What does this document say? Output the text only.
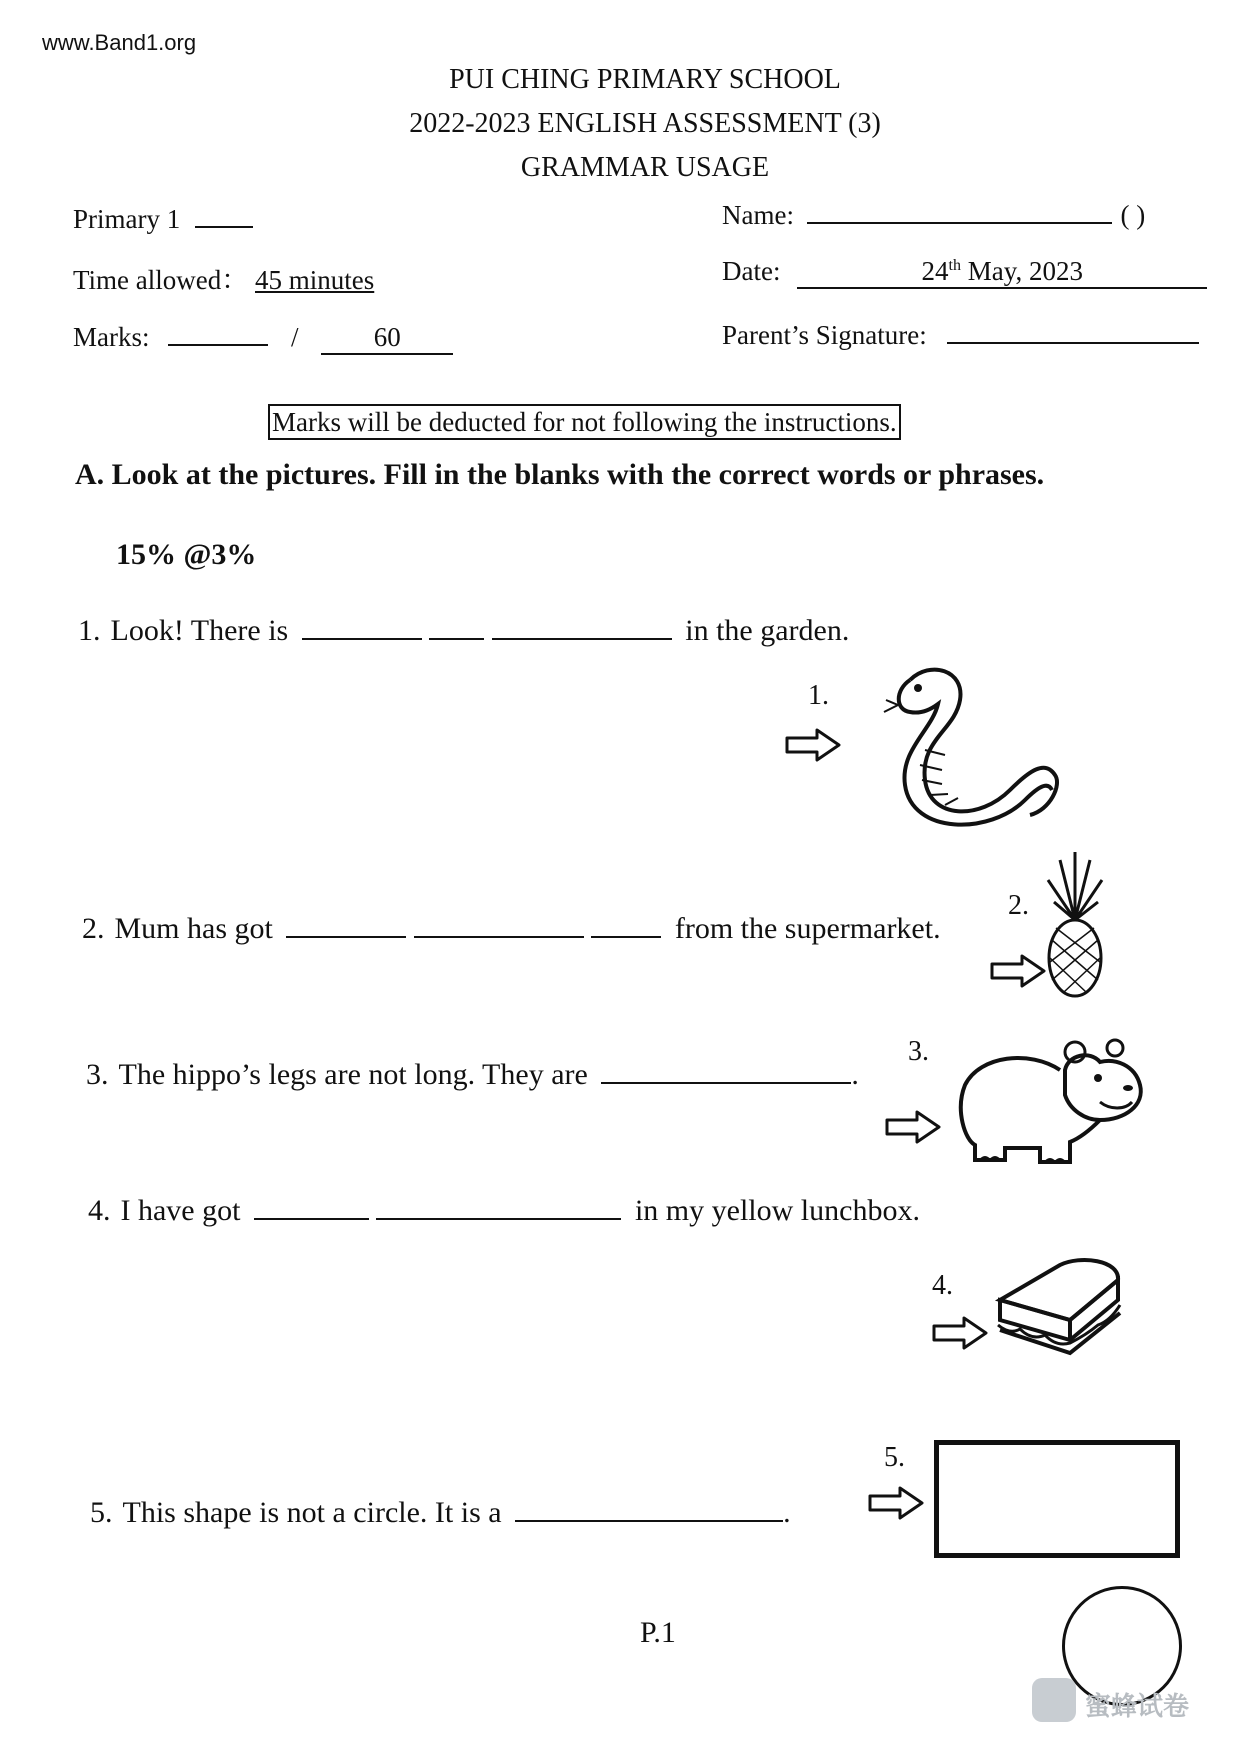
www.Band1.org
PUI CHING PRIMARY SCHOOL
2022-2023 ENGLISH ASSESSMENT (3)
GRAMMAR USAGE
Primary 1
Time allowed： 45 minutes
Marks:	/	60
Name:	( )
Date:	24th May, 2023
Parent’s Signature:
Marks will be deducted for not following the instructions.
A. Look at the pictures. Fill in the blanks with the correct words or phrases.
15% @3%
1. Look! There is	in the garden.
1.
2. Mum has got	from the supermarket.
2.
3. The hippo’s legs are not long. They are	.
3.
4. I have got	in my yellow lunchbox.
4.
5. This shape is not a circle. It is a	.
5.
P.1
蜜蜂试卷
